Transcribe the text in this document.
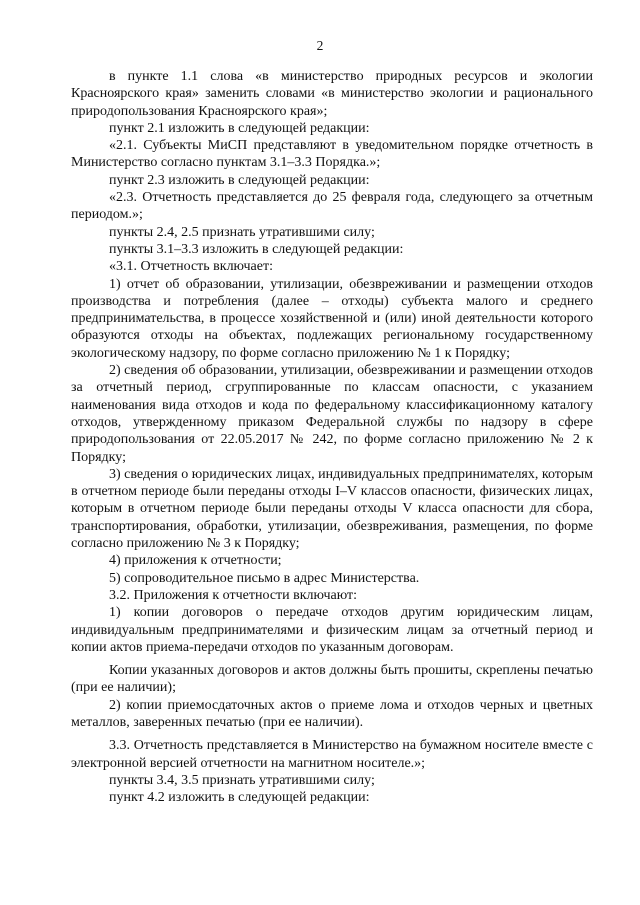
2

в пункте 1.1 слова «в министерство природных ресурсов и экологии Красноярского края» заменить словами «в министерство экологии и рационального природопользования Красноярского края»;

пункт 2.1 изложить в следующей редакции:

«2.1. Субъекты МиСП представляют в уведомительном порядке отчетность в Министерство согласно пунктам 3.1–3.3 Порядка.»;

пункт 2.3 изложить в следующей редакции:

«2.3. Отчетность представляется до 25 февраля года, следующего за отчетным периодом.»;

пункты 2.4, 2.5 признать утратившими силу;

пункты 3.1–3.3 изложить в следующей редакции:

«3.1. Отчетность включает:

1) отчет об образовании, утилизации, обезвреживании и размещении отходов производства и потребления (далее – отходы) субъекта малого и среднего предпринимательства, в процессе хозяйственной и (или) иной деятельности которого образуются отходы на объектах, подлежащих региональному государственному экологическому надзору, по форме согласно приложению № 1 к Порядку;

2) сведения об образовании, утилизации, обезвреживании и размещении отходов за отчетный период, сгруппированные по классам опасности, с указанием наименования вида отходов и кода по федеральному классификационному каталогу отходов, утвержденному приказом Федеральной службы по надзору в сфере природопользования от 22.05.2017 № 242, по форме согласно приложению № 2 к Порядку;

3) сведения о юридических лицах, индивидуальных предпринимателях, которым в отчетном периоде были переданы отходы I–V классов опасности, физических лицах, которым в отчетном периоде были переданы отходы V класса опасности для сбора, транспортирования, обработки, утилизации, обезвреживания, размещения, по форме согласно приложению № 3 к Порядку;

4) приложения к отчетности;

5) сопроводительное письмо в адрес Министерства.

3.2. Приложения к отчетности включают:

1) копии договоров о передаче отходов другим юридическим лицам, индивидуальным предпринимателями и физическим лицам за отчетный период и копии актов приема-передачи отходов по указанным договорам.

Копии указанных договоров и актов должны быть прошиты, скреплены печатью (при ее наличии);

2) копии приемосдаточных актов о приеме лома и отходов черных и цветных металлов, заверенных печатью (при ее наличии).

3.3. Отчетность представляется в Министерство на бумажном носителе вместе с электронной версией отчетности на магнитном носителе.»;

пункты 3.4, 3.5 признать утратившими силу;

пункт 4.2 изложить в следующей редакции:
